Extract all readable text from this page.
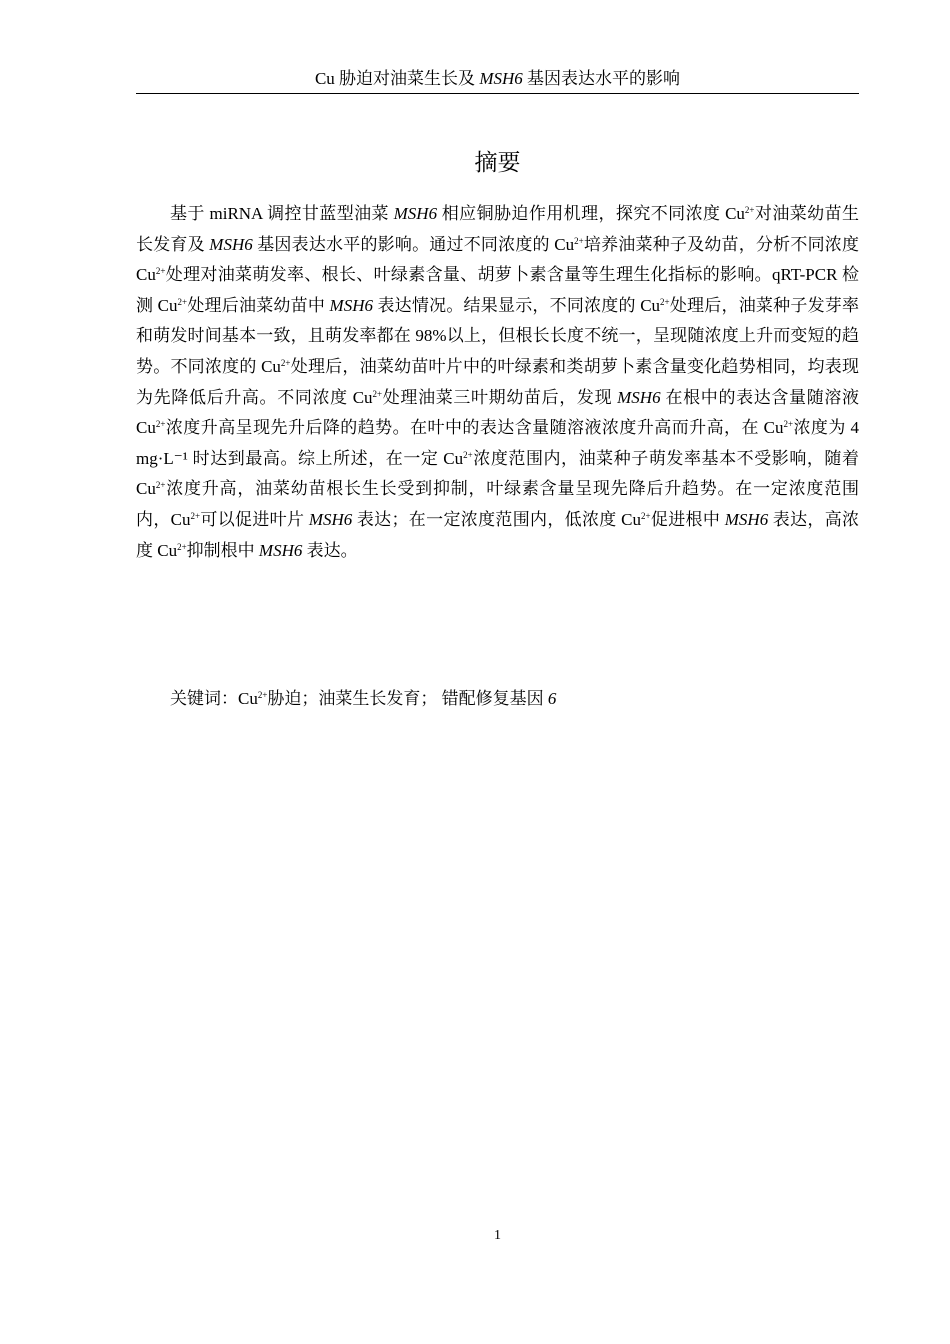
Cu 胁迫对油菜生长及 MSH6 基因表达水平的影响
摘要

基于 miRNA 调控甘蓝型油菜 MSH6 相应铜胁迫作用机理，探究不同浓度 $Cu^{2+}$对油菜幼苗生长发育及 MSH6 基因表达水平的影响。通过不同浓度的 $Cu^{2+}$培养油菜种子及幼苗，分析不同浓度 $Cu^{2+}$处理对油菜萌发率、根长、叶绿素含量、胡萝卜素含量等生理生化指标的影响。qRT-PCR 检测 $Cu^{2+}$处理后油菜幼苗中 MSH6 表达情况。结果显示，不同浓度的 $Cu^{2+}$处理后，油菜种子发芽率和萌发时间基本一致，且萌发率都在 98%以上，但根长长度不统一，呈现随浓度上升而变短的趋势。不同浓度的 $Cu^{2+}$处理后，油菜幼苗叶片中的叶绿素和类胡萝卜素含量变化趋势相同，均表现为先降低后升高。不同浓度 $Cu^{2+}$处理油菜三叶期幼苗后，发现 MSH6 在根中的表达含量随溶液 $Cu^{2+}$浓度升高呈现先升后降的趋势。在叶中的表达含量随溶液浓度升高而升高，在 $Cu^{2+}$浓度为 4 mg·L⁻¹ 时达到最高。综上所述，在一定 $Cu^{2+}$浓度范围内，油菜种子萌发率基本不受影响，随着 $Cu^{2+}$浓度升高，油菜幼苗根长生长受到抑制，叶绿素含量呈现先降后升趋势。在一定浓度范围内，$Cu^{2+}$可以促进叶片 MSH6 表达；在一定浓度范围内，低浓度 $Cu^{2+}$促进根中 MSH6 表达，高浓度 $Cu^{2+}$抑制根中 MSH6 表达。

关键词：$Cu^{2+}$胁迫；油菜生长发育； 错配修复基因 6

1
